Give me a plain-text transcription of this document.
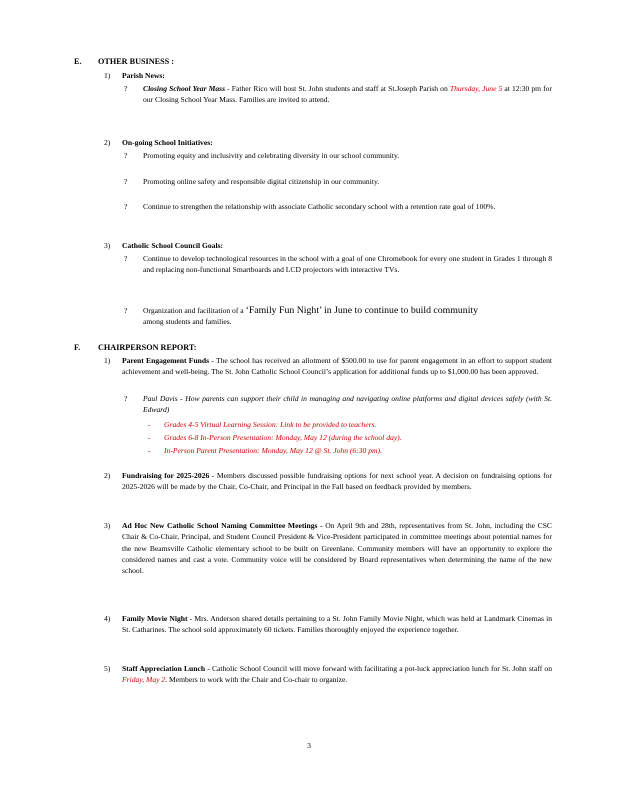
E. OTHER BUSINESS :
1) Parish News:
?	Closing School Year Mass - Father Rico will host St. John students and staff at St.Joseph Parish on Thursday, June 5 at 12:30 pm for our Closing School Year Mass. Families are invited to attend.
2) On-going School Initiatives:
?	Promoting equity and inclusivity and celebrating diversity in our school community.
?	Promoting online safety and responsible digital citizenship in our community.
?	Continue to strengthen the relationship with associate Catholic secondary school with a retention rate goal of 100%.
3) Catholic School Council Goals:
?	Continue to develop technological resources in the school with a goal of one Chromebook for every one student in Grades 1 through 8 and replacing non-functional Smartboards and LCD projectors with interactive TVs.
?	Organization and facilitation of a ‘Family Fun Night’ in June to continue to build community
among students and families.
F. CHAIRPERSON REPORT:
1) Parent Engagement Funds - The school has received an allotment of $500.00 to use for parent engagement in an effort to support student achievement and well-being. The St. John Catholic School Council’s application for additional funds up to $1,000.00 has been approved.
?	Paul Davis - How parents can support their child in managing and navigating online platforms and digital devices safely (with St. Edward)
- Grades 4-5 Virtual Learning Session: Link to be provided to teachers.
- Grades 6-8 In-Person Presentation: Monday, May 12 (during the school day).
- In-Person Parent Presentation: Monday, May 12 @ St. John (6:30 pm).
2) Fundraising for 2025-2026 - Members discussed possible fundraising options for next school year. A decision on fundraising options for 2025-2026 will be made by the Chair, Co-Chair, and Principal in the Fall based on feedback provided by members.
3) Ad Hoc New Catholic School Naming Committee Meetings - On April 9th and 28th, representatives from St. John, including the CSC Chair & Co-Chair, Principal, and Student Council President & Vice-President participated in committee meetings about potential names for the new Beamsville Catholic elementary school to be built on Greenlane. Community members will have an opportunity to explore the considered names and cast a vote. Community voice will be considered by Board representatives when determining the name of the new school.
4) Family Movie Night - Mrs. Anderson shared details pertaining to a St. John Family Movie Night, which was held at Landmark Cinemas in St. Catharines. The school sold approximately 60 tickets. Families thoroughly enjoyed the experience together.
5) Staff Appreciation Lunch - Catholic School Council will move forward with facilitating a pot-luck appreciation lunch for St. John staff on Friday, May 2. Members to work with the Chair and Co-chair to organize.
3
